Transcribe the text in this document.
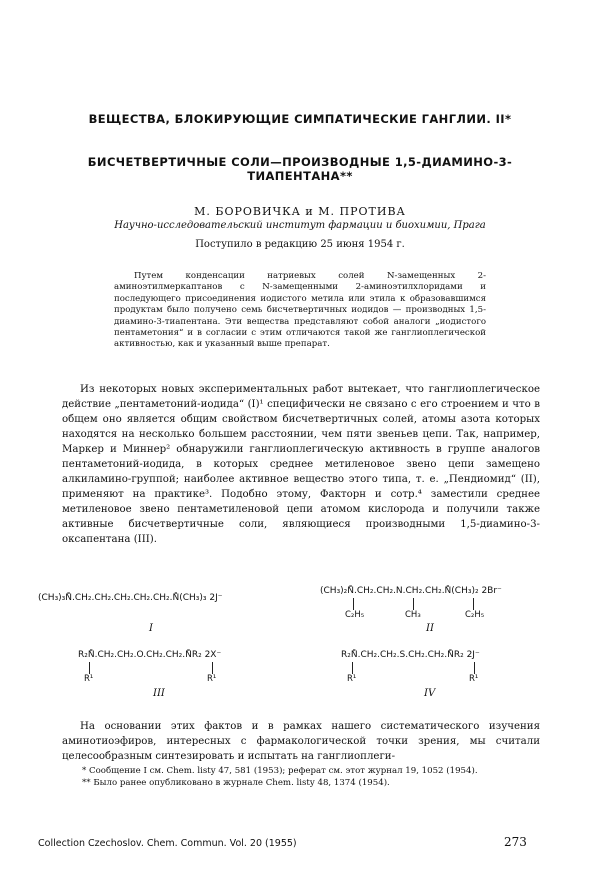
ВЕЩЕСТВА, БЛОКИРУЮЩИЕ СИМПАТИЧЕСКИЕ ГАНГЛИИ. II*
БИСЧЕТВЕРТИЧНЫЕ СОЛИ—ПРОИЗВОДНЫЕ 1,5-ДИАМИНО-3-ТИАПЕНТАНА**
М. БОРОВИЧКА и М. ПРОТИВА
Научно-исследовательский институт фармации и биохимии, Прага
Поступило в редакцию 25 июня 1954 г.

Путем конденсации натриевых солей N-замещенных 2-аминоэтилмеркаптанов с N-замещенными 2-аминоэтилхлоридами и последующего присоединения иодистого метила или этила к образовавшимся продуктам было получено семь бисчетвертичных иодидов — производных 1,5-диамино-3-тиапентана. Эти вещества представляют собой аналоги „иодистого пентаметония“ и в согласии с этим отличаются такой же ганглиоплегической активностью, как и указанный выше препарат.

Из некоторых новых экспериментальных работ вытекает, что ганглиоплегическое действие „пентаметоний-иодида“ (I)¹ специфически не связано с его строением и что в общем оно является общим свойством бисчетвертичных солей, атомы азота которых находятся на несколько большем расстоянии, чем пяти звеньев цепи. Так, например, Маркер и Миннер² обнаружили ганглиоплегическую активность в группе аналогов пентаметоний-иодида, в которых среднее метиленовое звено цепи замещено алкиламино-группой; наиболее активное вещество этого типа, т. е. „Пендиомид“ (II), применяют на практике³. Подобно этому, Факторн и сотр.⁴ заместили среднее метиленовое звено пентаметиленовой цепи атомом кислорода и получили также активные бисчетвертичные соли, являющиеся производными 1,5-диамино-3-оксапентана (III).

(CH₃)₃N̊.CH₂.CH₂.CH₂.CH₂.CH₂.N̊(CH₃)₃ 2J⁻
I
(CH₃)₂N̊.CH₂.CH₂.N.CH₂.CH₂.N̊(CH₃)₂ 2Br⁻
C₂H₅	CH₃	C₂H₅
II
R₂N̊.CH₂.CH₂.O.CH₂.CH₂.N̊R₂ 2X⁻
R¹	R¹
III
R₂N̊.CH₂.CH₂.S.CH₂.CH₂.N̊R₂ 2J⁻
R¹	R¹
IV

На основании этих фактов и в рамках нашего систематического изучения аминотиоэфиров, интересных с фармакологической точки зрения, мы считали целесообразным синтезировать и испытать на ганглиоплеги-

* Сообщение I см. Chem. listy 47, 581 (1953); реферат см. этот журнал 19, 1052 (1954).
** Было ранее опубликовано в журнале Chem. listy 48, 1374 (1954).
Collection Czechoslov. Chem. Commun. Vol. 20 (1955)	273
